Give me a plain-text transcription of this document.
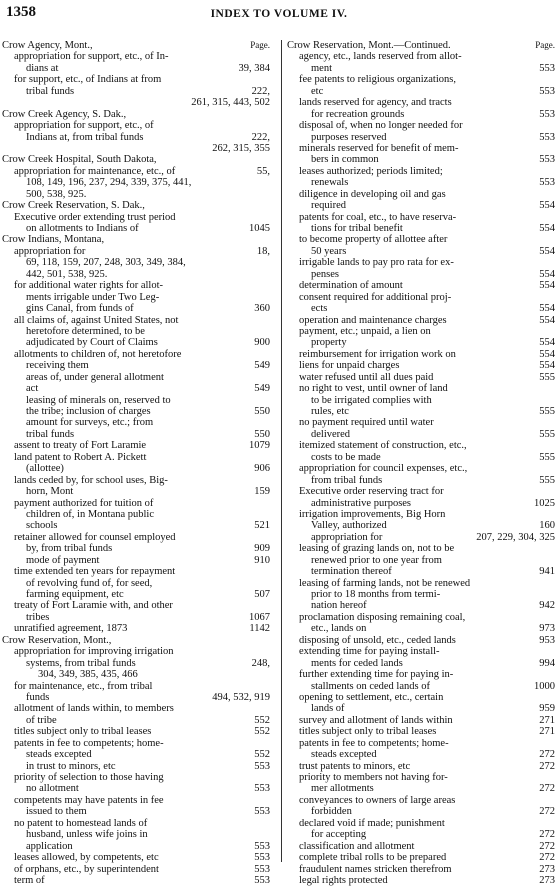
1358	INDEX TO VOLUME IV.
Crow Agency, Mont.,	Page.
appropriation for support, etc., of In-
dians at	39, 384
for support, etc., of Indians at from
tribal funds	222,
261, 315, 443, 502
Crow Creek Agency, S. Dak.,
appropriation for support, etc., of
Indians at, from tribal funds	222,
262, 315, 355
Crow Creek Hospital, South Dakota,
appropriation for maintenance, etc., of	55,
108, 149, 196, 237, 294, 339, 375, 441,
500, 538, 925.
Crow Creek Reservation, S. Dak.,
Executive order extending trust period
on allotments to Indians of	1045
Crow Indians, Montana,
appropriation for	18,
69, 118, 159, 207, 248, 303, 349, 384,
442, 501, 538, 925.
for additional water rights for allot-
ments irrigable under Two Leg-
gins Canal, from funds of	360
all claims of, against United States, not
heretofore determined, to be
adjudicated by Court of Claims	900
allotments to children of, not heretofore
receiving them	549
areas of, under general allotment
act	549
leasing of minerals on, reserved to
the tribe; inclusion of charges	550
amount for surveys, etc.; from
tribal funds	550
assent to treaty of Fort Laramie	1079
land patent to Robert A. Pickett
(allottee)	906
lands ceded by, for school uses, Big-
horn, Mont	159
payment authorized for tuition of
children of, in Montana public
schools	521
retainer allowed for counsel employed
by, from tribal funds	909
mode of payment	910
time extended ten years for repayment
of revolving fund of, for seed,
farming equipment, etc	507
treaty of Fort Laramie with, and other
tribes	1067
unratified agreement, 1873	1142
Crow Reservation, Mont.,
appropriation for improving irrigation
systems, from tribal funds	248,
304, 349, 385, 435, 466
for maintenance, etc., from tribal
funds	494, 532, 919
allotment of lands within, to members
of tribe	552
titles subject only to tribal leases	552
patents in fee to competents; home-
steads excepted	552
in trust to minors, etc	553
priority of selection to those having
no allotment	553
competents may have patents in fee
issued to them	553
no patent to homestead lands of
husband, unless wife joins in
application	553
leases allowed, by competents, etc	553
of orphans, etc., by superintendent	553
term of	553
Crow Reservation, Mont.—Continued.	Page.
agency, etc., lands reserved from allot-
ment	553
fee patents to religious organizations,
etc	553
lands reserved for agency, and tracts
for recreation grounds	553
disposal of, when no longer needed for
purposes reserved	553
minerals reserved for benefit of mem-
bers in common	553
leases authorized; periods limited;
renewals	553
diligence in developing oil and gas
required	554
patents for coal, etc., to have reserva-
tions for tribal benefit	554
to become property of allottee after
50 years	554
irrigable lands to pay pro rata for ex-
penses	554
determination of amount	554
consent required for additional proj-
ects	554
operation and maintenance charges	554
payment, etc.; unpaid, a lien on
property	554
reimbursement for irrigation work on	554
liens for unpaid charges	554
water refused until all dues paid	555
no right to vest, until owner of land
to be irrigated complies with
rules, etc	555
no payment required until water
delivered	555
itemized statement of construction, etc.,
costs to be made	555
appropriation for council expenses, etc.,
from tribal funds	555
Executive order reserving tract for
administrative purposes	1025
irrigation improvements, Big Horn
Valley, authorized	160
appropriation for	207, 229, 304, 325
leasing of grazing lands on, not to be
renewed prior to one year from
termination thereof	941
leasing of farming lands, not be renewed
prior to 18 months from termi-
nation hereof	942
proclamation disposing remaining coal,
etc., lands on	973
disposing of unsold, etc., ceded lands	953
extending time for paying install-
ments for ceded lands	994
further extending time for paying in-
stallments on ceded lands of	1000
opening to settlement, etc., certain
lands of	959
survey and allotment of lands within	271
titles subject only to tribal leases	271
patents in fee to competents; home-
steads excepted	272
trust patents to minors, etc	272
priority to members not having for-
mer allotments	272
conveyances to owners of large areas
forbidden	272
declared void if made; punishment
for accepting	272
classification and allotment	272
complete tribal rolls to be prepared	272
fraudulent names stricken therefrom	273
legal rights protected	273
